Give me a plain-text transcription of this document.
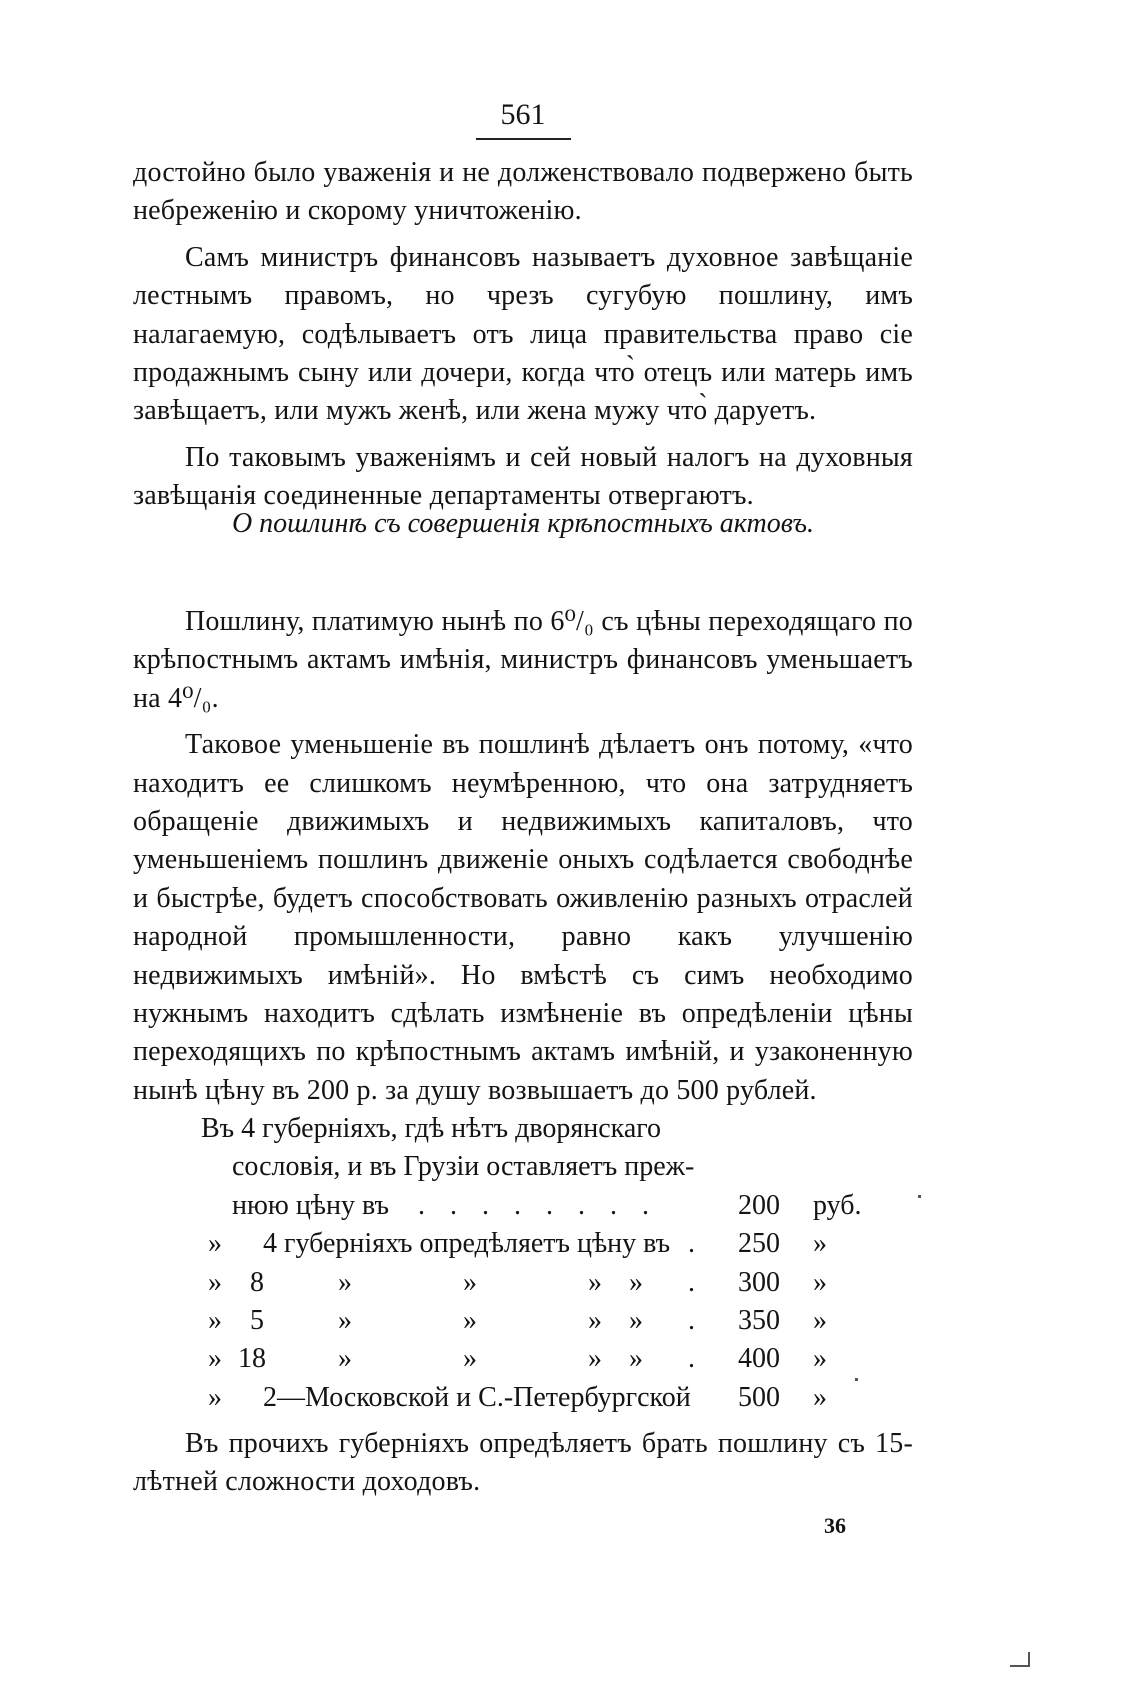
561

достойно было уваженія и не долженствовало подвержено быть небреженію и скорому уничтоженію.

Самъ министръ финансовъ называетъ духовное завѣщаніе лестнымъ правомъ, но чрезъ сугубую пошлину, имъ налагаемую, содѣлываетъ отъ лица правительства право сіе продажнымъ сыну или дочери, когда что̀ отецъ или матерь имъ завѣщаетъ, или мужъ женѣ, или жена мужу что̀ даруетъ.

По таковымъ уваженіямъ и сей новый налогъ на духовныя завѣщанія соединенные департаменты отвергаютъ.

О пошлинѣ съ совершенія крѣпостныхъ актовъ.

Пошлину, платимую нынѣ по 6⁰/₀ съ цѣны переходящаго по крѣпостнымъ актамъ имѣнія, министръ финансовъ уменьшаетъ на 4⁰/₀.

Таковое уменьшеніе въ пошлинѣ дѣлаетъ онъ потому, «что находитъ ее слишкомъ неумѣренною, что она затрудняетъ обращеніе движимыхъ и недвижимыхъ капиталовъ, что уменьшеніемъ пошлинъ движеніе оныхъ содѣлается свободнѣе и быстрѣе, будетъ способствовать оживленію разныхъ отраслей народной промышленности, равно какъ улучшенію недвижимыхъ имѣній». Но вмѣстѣ съ симъ необходимо нужнымъ находитъ сдѣлать измѣненіе въ опредѣленіи цѣны переходящихъ по крѣпостнымъ актамъ имѣній, и узаконенную нынѣ цѣну въ 200 р. за душу возвышаетъ до 500 рублей.

Въ 4 губерніяхъ, гдѣ нѣтъ дворянскаго
сословія, и въ Грузіи оставляетъ преж-
нюю цѣну въ . . . . . . . .	200 руб.
» 4 губерніяхъ опредѣляетъ цѣну въ . 250 »
» 8	»	»	» » . 300 »
» 5	»	»	» » . 350 »
» 18	»	»	» » . 400 »
» 2—Московской и С.-Петербургской 500 »

Въ прочихъ губерніяхъ опредѣляетъ брать пошлину съ 15-лѣтней сложности доходовъ.

36
